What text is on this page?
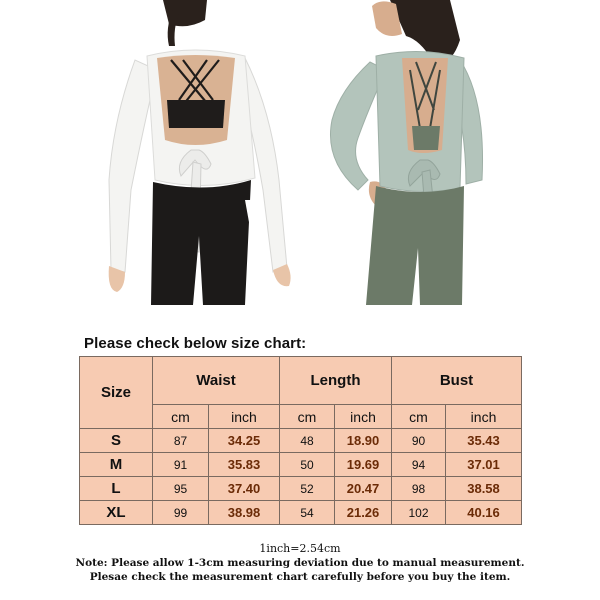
Please check below size chart:
Size	Waist		Length		Bust	
	cm	inch	cm	inch	cm	inch
S	87	34.25	48	18.90	90	35.43
M	91	35.83	50	19.69	94	37.01
L	95	37.40	52	20.47	98	38.58
XL	99	38.98	54	21.26	102	40.16
1inch=2.54cm
Note: Please allow 1-3cm measuring deviation due to manual measurement.
Plesae check the measurement chart carefully before you buy the item.
